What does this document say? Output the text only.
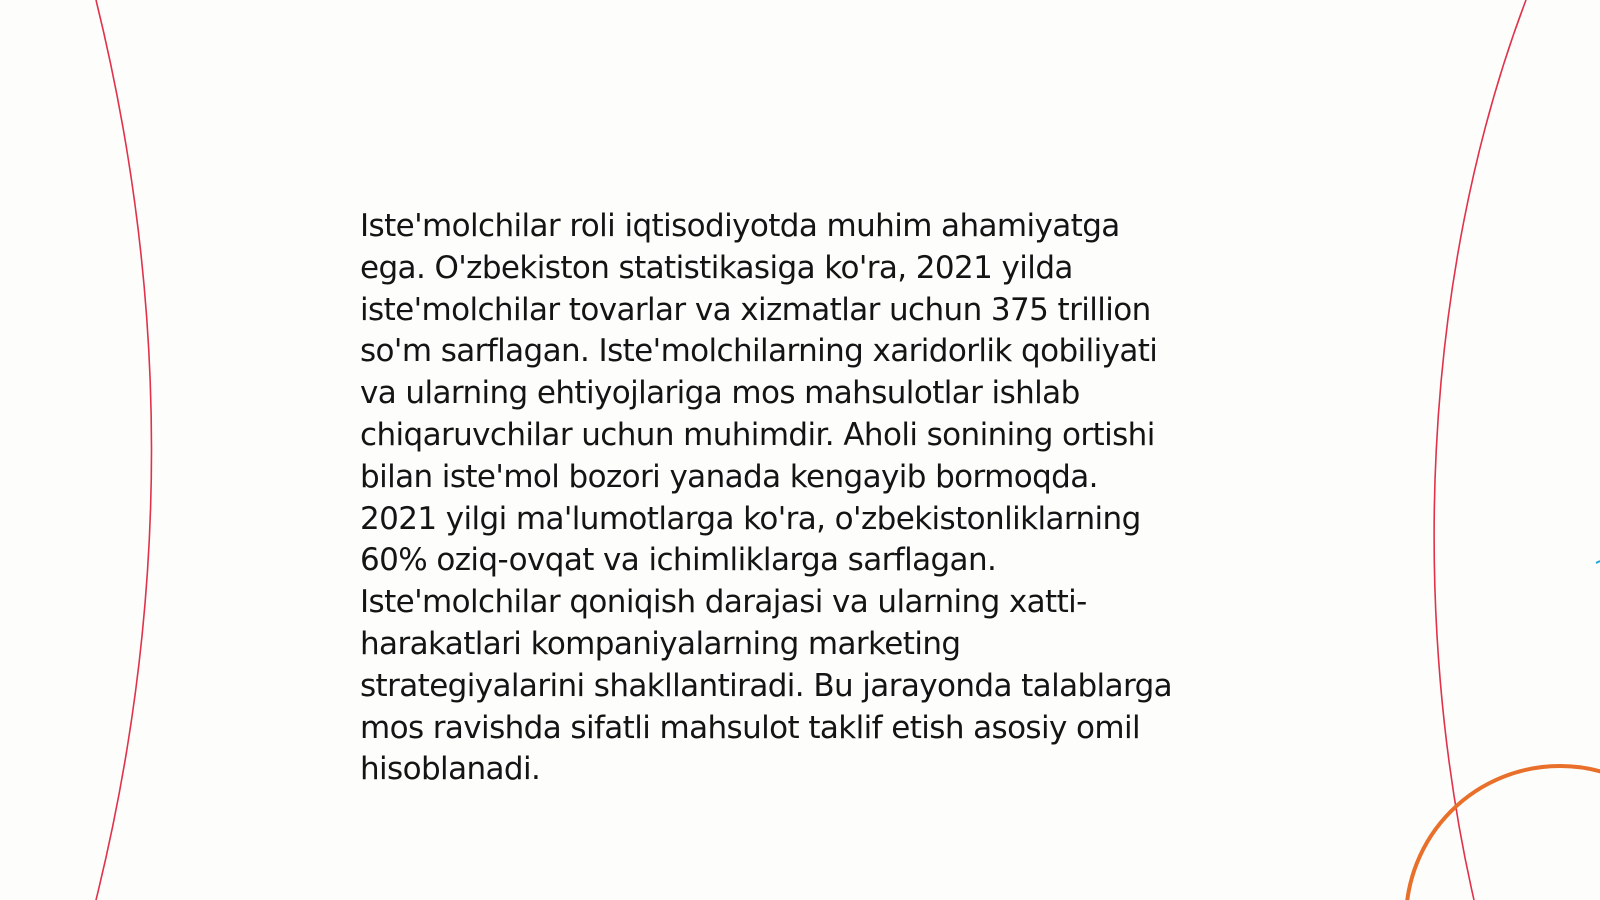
Iste'molchilar roli iqtisodiyotda muhim ahamiyatga
ega. O'zbekiston statistikasiga ko'ra, 2021 yilda
iste'molchilar tovarlar va xizmatlar uchun 375 trillion
so'm sarflagan. Iste'molchilarning xaridorlik qobiliyati
va ularning ehtiyojlariga mos mahsulotlar ishlab
chiqaruvchilar uchun muhimdir. Aholi sonining ortishi
bilan iste'mol bozori yanada kengayib bormoqda.
2021 yilgi ma'lumotlarga ko'ra, o'zbekistonliklarning
60% oziq-ovqat va ichimliklarga sarflagan.
Iste'molchilar qoniqish darajasi va ularning xatti-
harakatlari kompaniyalarning marketing
strategiyalarini shakllantiradi. Bu jarayonda talablarga
mos ravishda sifatli mahsulot taklif etish asosiy omil
hisoblanadi.
